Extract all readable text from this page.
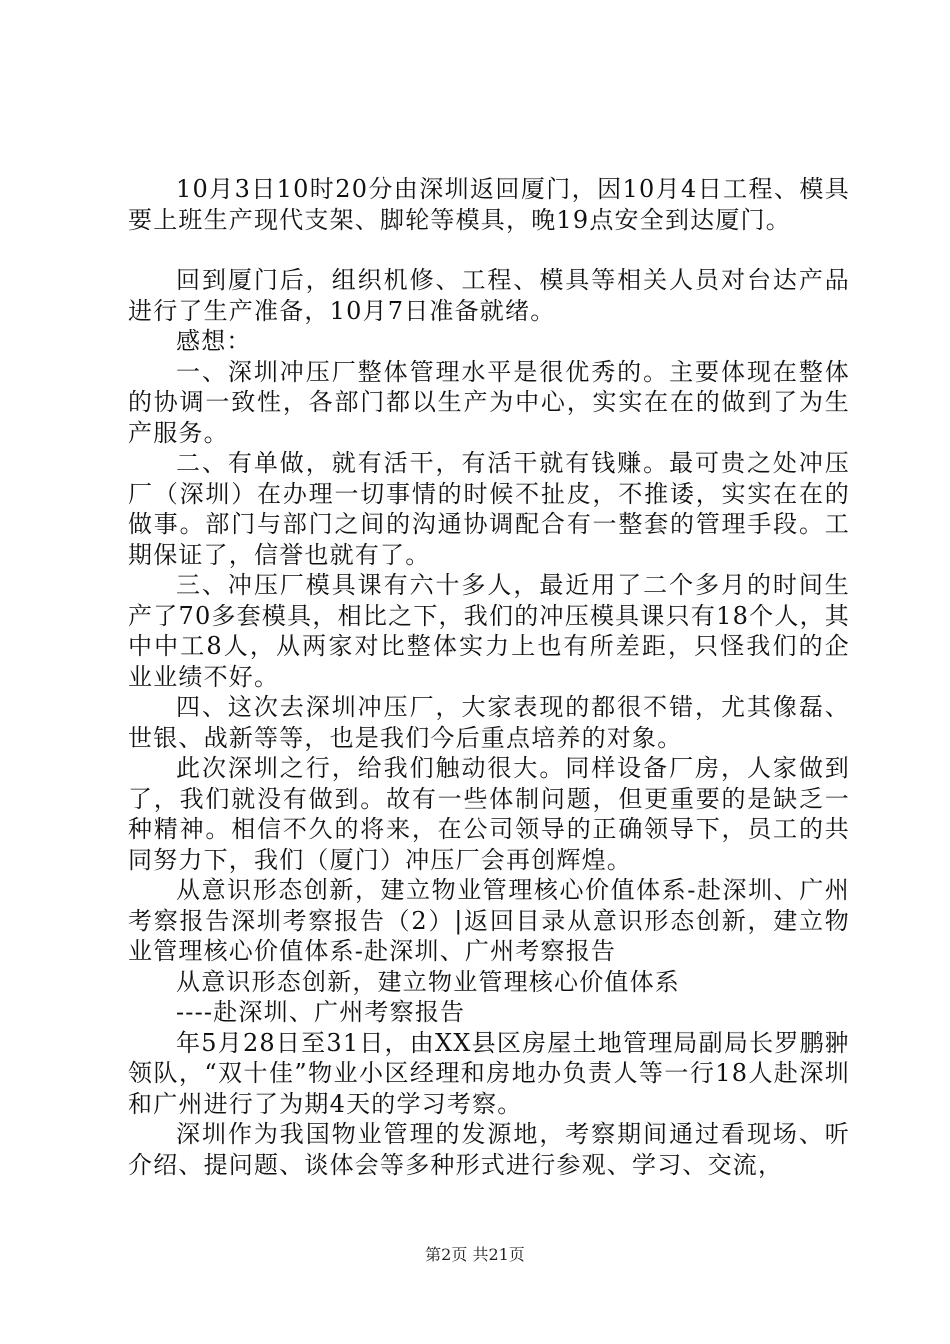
10月3日10时20分由深圳返回厦门，因10月4日工程、模具要上班生产现代支架、脚轮等模具，晚19点安全到达厦门。

回到厦门后，组织机修、工程、模具等相关人员对台达产品进行了生产准备，10月7日准备就绪。

感想：

一、深圳冲压厂整体管理水平是很优秀的。主要体现在整体的协调一致性，各部门都以生产为中心，实实在在的做到了为生产服务。

二、有单做，就有活干，有活干就有钱赚。最可贵之处冲压厂（深圳）在办理一切事情的时候不扯皮，不推诿，实实在在的做事。部门与部门之间的沟通协调配合有一整套的管理手段。工期保证了，信誉也就有了。

三、冲压厂模具课有六十多人，最近用了二个多月的时间生产了70多套模具，相比之下，我们的冲压模具课只有18个人，其中中工8人，从两家对比整体实力上也有所差距，只怪我们的企业业绩不好。

四、这次去深圳冲压厂，大家表现的都很不错，尤其像磊、世银、战新等等，也是我们今后重点培养的对象。

此次深圳之行，给我们触动很大。同样设备厂房，人家做到了，我们就没有做到。故有一些体制问题，但更重要的是缺乏一种精神。相信不久的将来，在公司领导的正确领导下，员工的共同努力下，我们（厦门）冲压厂会再创辉煌。

从意识形态创新，建立物业管理核心价值体系-赴深圳、广州考察报告深圳考察报告（2）|返回目录从意识形态创新，建立物业管理核心价值体系-赴深圳、广州考察报告

从意识形态创新，建立物业管理核心价值体系

----赴深圳、广州考察报告

年5月28日至31日，由XX县区房屋土地管理局副局长罗鹏翀领队，“双十佳”物业小区经理和房地办负责人等一行18人赴深圳和广州进行了为期4天的学习考察。

深圳作为我国物业管理的发源地，考察期间通过看现场、听介绍、提问题、谈体会等多种形式进行参观、学习、交流，

第2页 共21页
